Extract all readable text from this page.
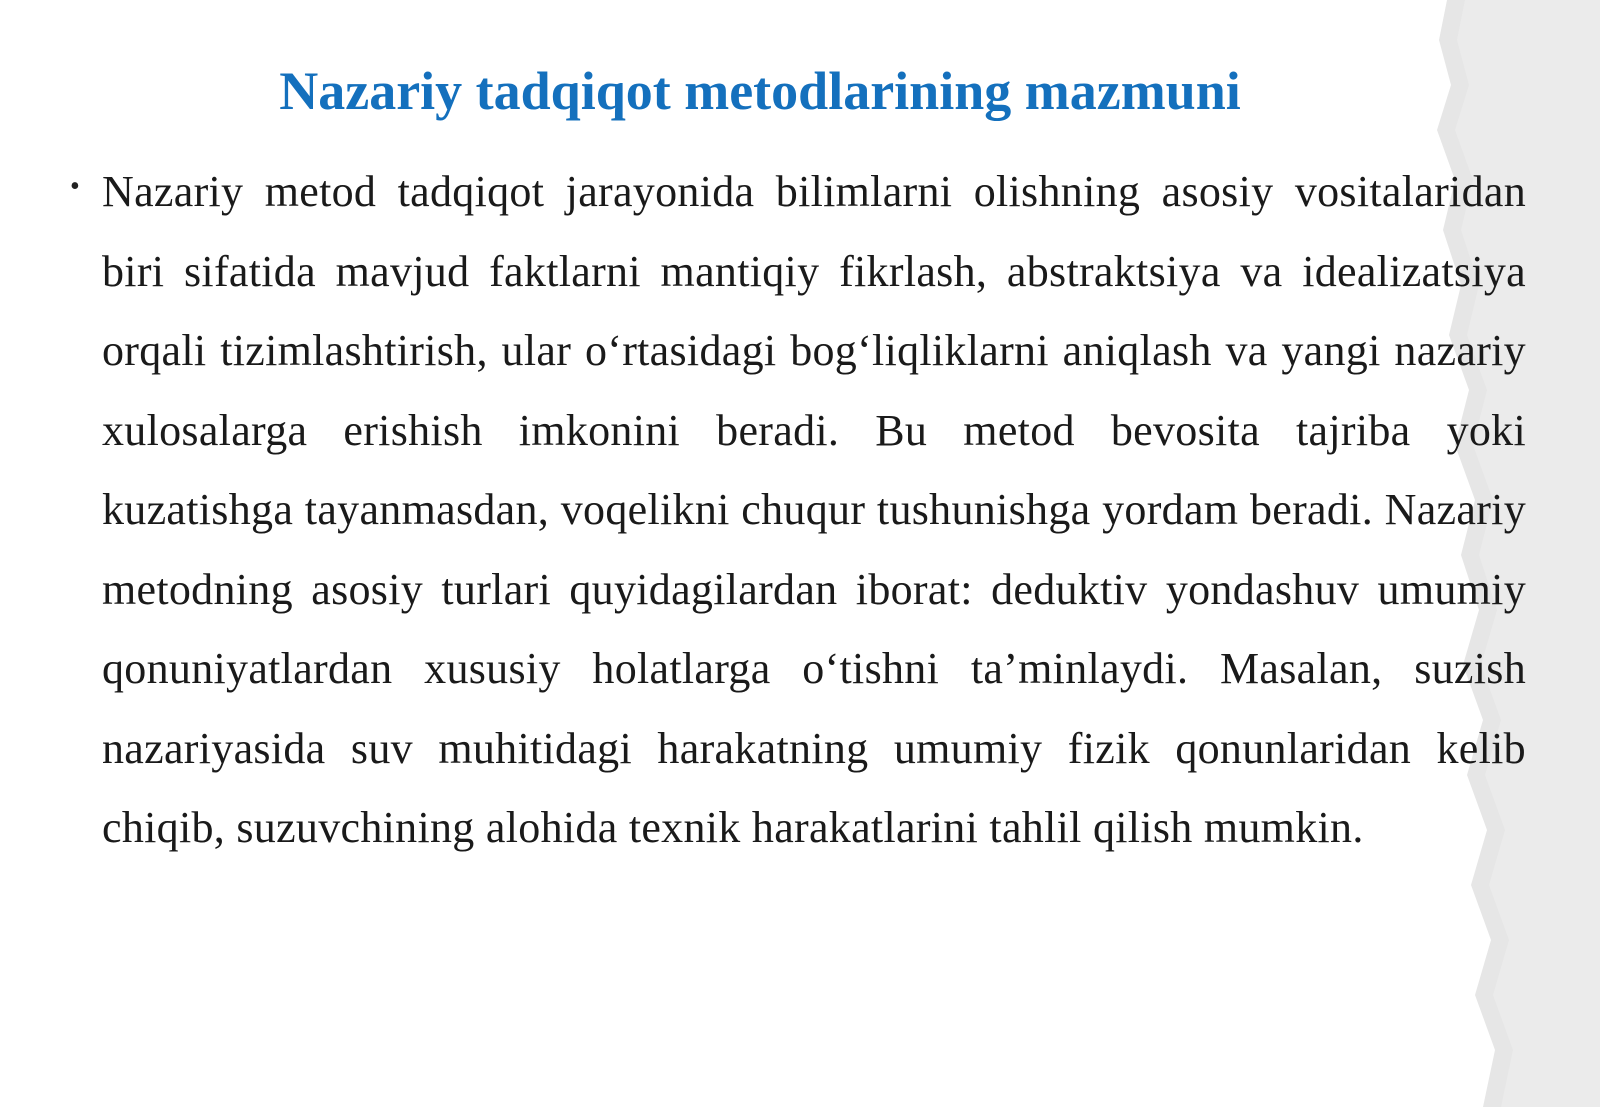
Nazariy tadqiqot metodlarining mazmuni
• Nazariy metod tadqiqot jarayonida bilimlarni olishning asosiy vositalaridan biri sifatida mavjud faktlarni mantiqiy fikrlash, abstraktsiya va idealizatsiya orqali tizimlashtirish, ular o‘rtasidagi bog‘liqliklarni aniqlash va yangi nazariy xulosalarga erishish imkonini beradi. Bu metod bevosita tajriba yoki kuzatishga tayanmasdan, voqelikni chuqur tushunishga yordam beradi. Nazariy metodning asosiy turlari quyidagilardan iborat: deduktiv yondashuv umumiy qonuniyatlardan xususiy holatlarga o‘tishni ta’minlaydi. Masalan, suzish nazariyasida suv muhitidagi harakatning umumiy fizik qonunlaridan kelib chiqib, suzuvchining alohida texnik harakatlarini tahlil qilish mumkin.
